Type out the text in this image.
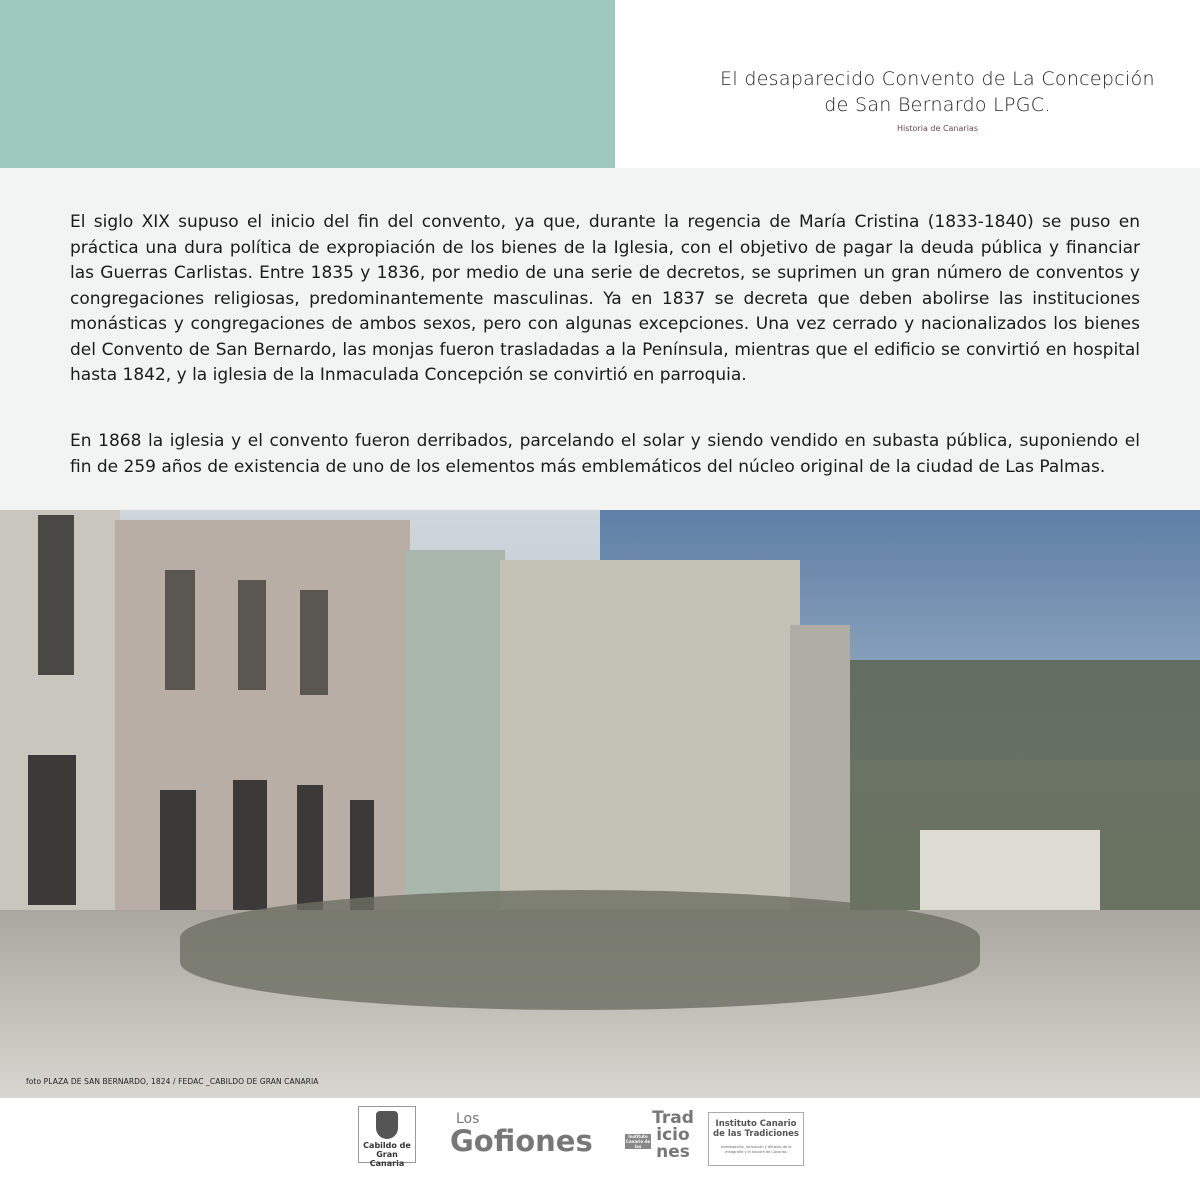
El desaparecido Convento de La Concepción
de San Bernardo LPGC.
Historia de Canarias
El siglo XIX supuso el inicio del fin del convento, ya que, durante la regencia de María Cristina (1833-1840) se puso en práctica una dura política de expropiación de los bienes de la Iglesia, con el objetivo de pagar la deuda pública y financiar las Guerras Carlistas. Entre 1835 y 1836, por medio de una serie de decretos, se suprimen un gran número de conventos y congregaciones religiosas, predominantemente masculinas. Ya en 1837 se decreta que deben abolirse las instituciones monásticas y congregaciones de ambos sexos, pero con algunas excepciones. Una vez cerrado y nacionalizados los bienes del Convento de San Bernardo, las monjas fueron trasladadas a la Península, mientras que el edificio se convirtió en hospital hasta 1842, y la iglesia de la Inmaculada Concepción se convirtió en parroquia.
En 1868 la iglesia y el convento fueron derribados, parcelando el solar y siendo vendido en subasta pública, suponiendo el fin de 259 años de existencia de uno de los elementos más emblemáticos del núcleo original de la ciudad de Las Palmas.
foto PLAZA DE SAN BERNARDO, 1824 / FEDAC _CABILDO DE GRAN CANARIA
Cabildo de Gran Canaria
Los
Gofiones	Instituto Canario de las
Tradiciones
Instituto Canario de las Tradiciones
Investigación, formación y difusión de la etnografía y el folclore de Canarias
